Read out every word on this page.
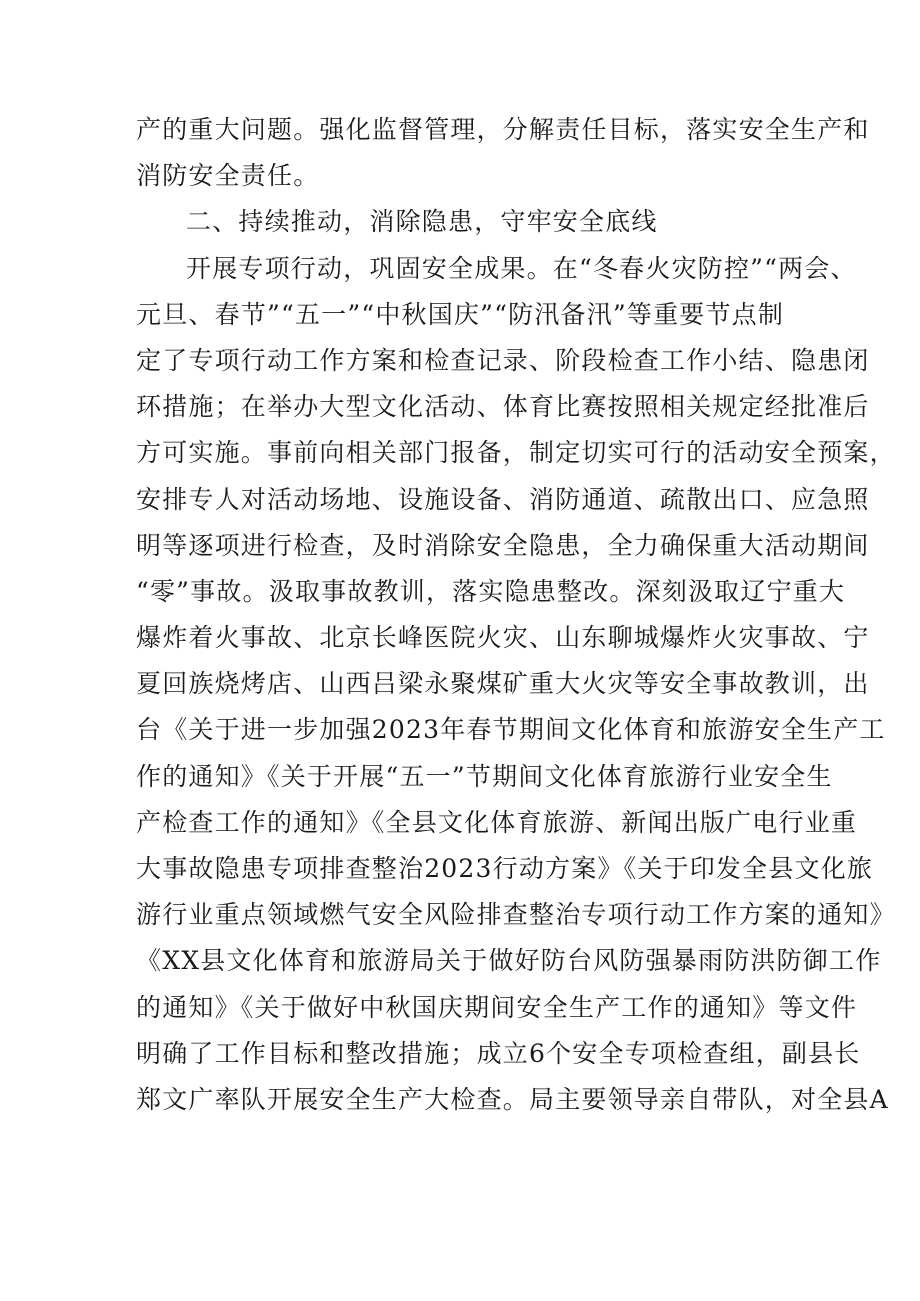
产的重大问题。强化监督管理，分解责任目标，落实安全生产和
消防安全责任。
二、持续推动，消除隐患，守牢安全底线
开展专项行动，巩固安全成果。在“冬春火灾防控”“两会、
元旦、春节”“五一”“中秋国庆”“防汛备汛”等重要节点制
定了专项行动工作方案和检查记录、阶段检查工作小结、隐患闭
环措施；在举办大型文化活动、体育比赛按照相关规定经批准后
方可实施。事前向相关部门报备，制定切实可行的活动安全预案，
安排专人对活动场地、设施设备、消防通道、疏散出口、应急照
明等逐项进行检查，及时消除安全隐患，全力确保重大活动期间
“零”事故。汲取事故教训，落实隐患整改。深刻汲取辽宁重大
爆炸着火事故、北京长峰医院火灾、山东聊城爆炸火灾事故、宁
夏回族烧烤店、山西吕梁永聚煤矿重大火灾等安全事故教训，出
台《关于进一步加强2023年春节期间文化体育和旅游安全生产工
作的通知》《关于开展“五一”节期间文化体育旅游行业安全生
产检查工作的通知》《全县文化体育旅游、新闻出版广电行业重
大事故隐患专项排查整治2023行动方案》《关于印发全县文化旅
游行业重点领域燃气安全风险排查整治专项行动工作方案的通知》
《XX县文化体育和旅游局关于做好防台风防强暴雨防洪防御工作
的通知》《关于做好中秋国庆期间安全生产工作的通知》等文件
明确了工作目标和整改措施；成立6个安全专项检查组，副县长
郑文广率队开展安全生产大检查。局主要领导亲自带队，对全县A
